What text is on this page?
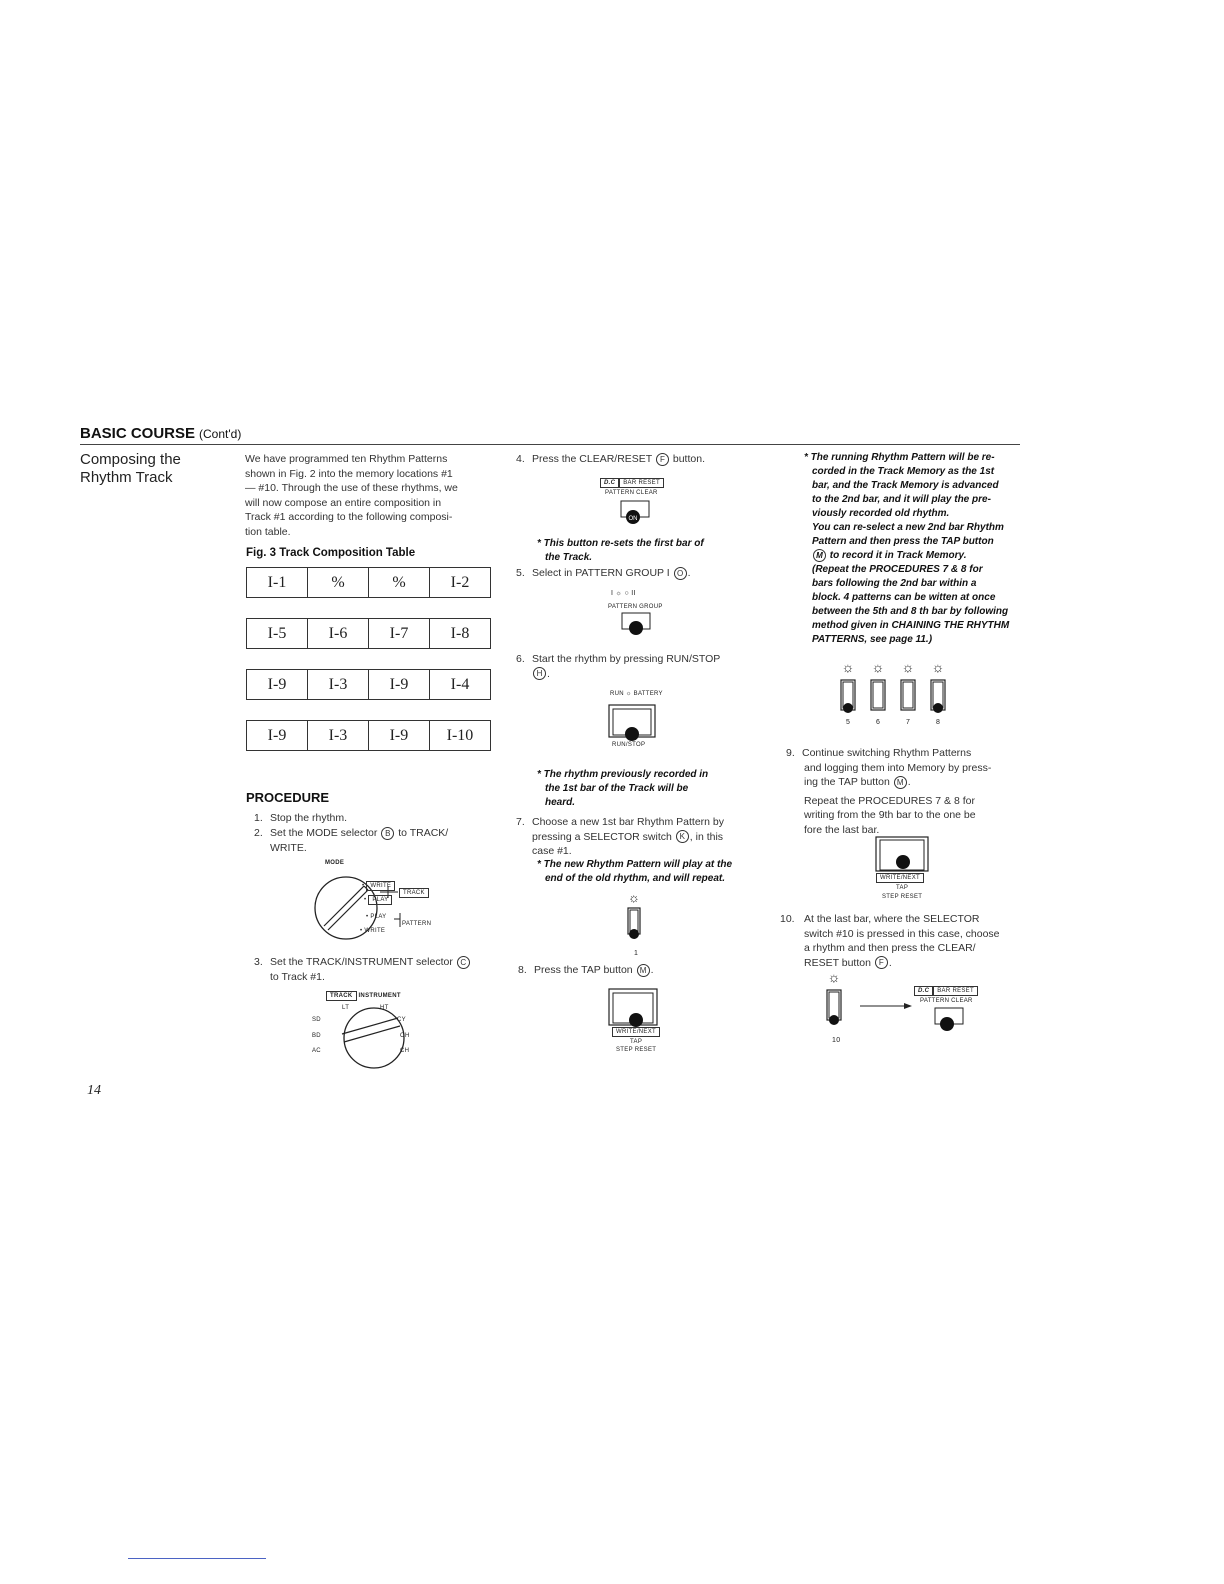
BASIC COURSE (Cont'd)
Composing the
Rhythm Track
We have programmed ten Rhythm Patterns
shown in Fig. 2 into the memory locations #1
— #10. Through the use of these rhythms, we
will now compose an entire composition in
Track #1 according to the following composi-
tion table.
Fig. 3 Track Composition Table
I-1	%	%	I-2
I-5	I-6	I-7	I-8
I-9	I-3	I-9	I-4
I-9	I-3	I-9	I-10
PROCEDURE
1. Stop the rhythm.
2. Set the MODE selector B to TRACK/
WRITE.
MODE
• WRITE
• PLAY
TRACK
• PLAY
• WRITE
PATTERN
3. Set the TRACK/INSTRUMENT selector C
to Track #1.
TRACK INSTRUMENT
LT	HT
SD	CY
BD	OH
AC	CH
4. Press the CLEAR/RESET F button.
D.C BAR RESET
PATTERN CLEAR
ON
* This button re-sets the first bar of
the Track.
5. Select in PATTERN GROUP I O .
I ☼ ○ II
PATTERN GROUP
6. Start the rhythm by pressing RUN/STOP
H .
RUN ☼ BATTERY
RUN/STOP
* The rhythm previously recorded in
the 1st bar of the Track will be
heard.
7. Choose a new 1st bar Rhythm Pattern by
pressing a SELECTOR switch K , in this
case #1.
* The new Rhythm Pattern will play at the
end of the old rhythm, and will repeat.
☼
1
8. Press the TAP button M .
WRITE/NEXT
TAP
STEP RESET
* The running Rhythm Pattern will be re-
corded in the Track Memory as the 1st
bar, and the Track Memory is advanced
to the 2nd bar, and it will play the pre-
viously recorded old rhythm.
You can re-select a new 2nd bar Rhythm
Pattern and then press the TAP button
M to record it in Track Memory.
(Repeat the PROCEDURES 7 & 8 for
bars following the 2nd bar within a
block. 4 patterns can be witten at once
between the 5th and 8 th bar by following
method given in CHAINING THE RHYTHM
PATTERNS, see page 11.)
☼ ☼ ☼ ☼
5	6	7	8
9. Continue switching Rhythm Patterns
and logging them into Memory by press-
ing the TAP button M .
Repeat the PROCEDURES 7 & 8 for
writing from the 9th bar to the one be
fore the last bar.
WRITE/NEXT
TAP
STEP RESET
10. At the last bar, where the SELECTOR
switch #10 is pressed in this case, choose
a rhythm and then press the CLEAR/
RESET button F .
☼
10
D.C BAR RESET
PATTERN CLEAR
14
